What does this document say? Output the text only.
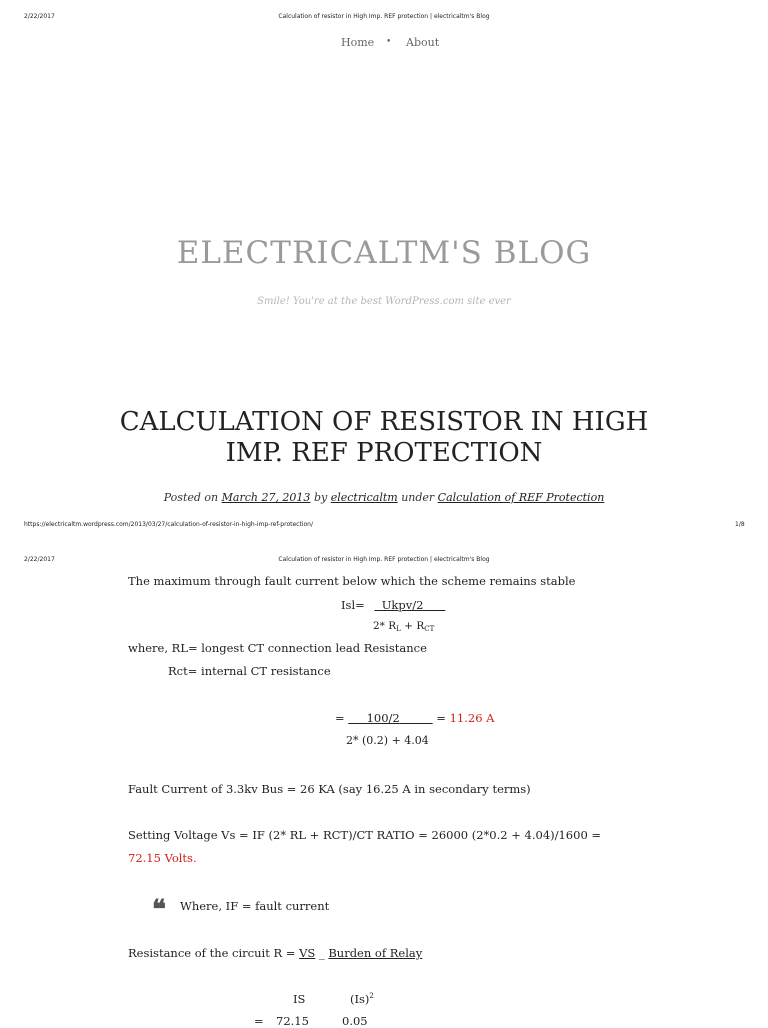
2/22/2017	Calculation of resistor in High Imp. REF protection | electricaltm's Blog
Home • About
ELECTRICALTM'S BLOG
Smile! You're at the best WordPress.com site ever
CALCULATION OF RESISTOR IN HIGH
IMP. REF PROTECTION
Posted on March 27, 2013 by electricaltm under Calculation of REF Protection
https://electricaltm.wordpress.com/2013/03/27/calculation-of-resistor-in-high-imp-ref-protection/	1/8
2/22/2017	Calculation of resistor in High Imp. REF protection | electricaltm's Blog
The maximum through fault current below which the scheme remains stable
Isl= Ukpv/2
2* $R_L + R_{CT}$
where, RL= longest CT connection lead Resistance
Rct= internal CT resistance
= 100/2	= 11.26 A
2* (0.2) + 4.04
Fault Current of 3.3kv Bus = 26 KA (say 16.25 A in secondary terms)
Setting Voltage Vs = IF (2* RL + RCT)/CT RATIO = 26000 (2*0.2 + 4.04)/1600 =
72.15 Volts.
❝ Where, IF = fault current
Resistance of the circuit R = VS _ Burden of Relay
IS	$(Is)^2$
= 72.15	0.05
